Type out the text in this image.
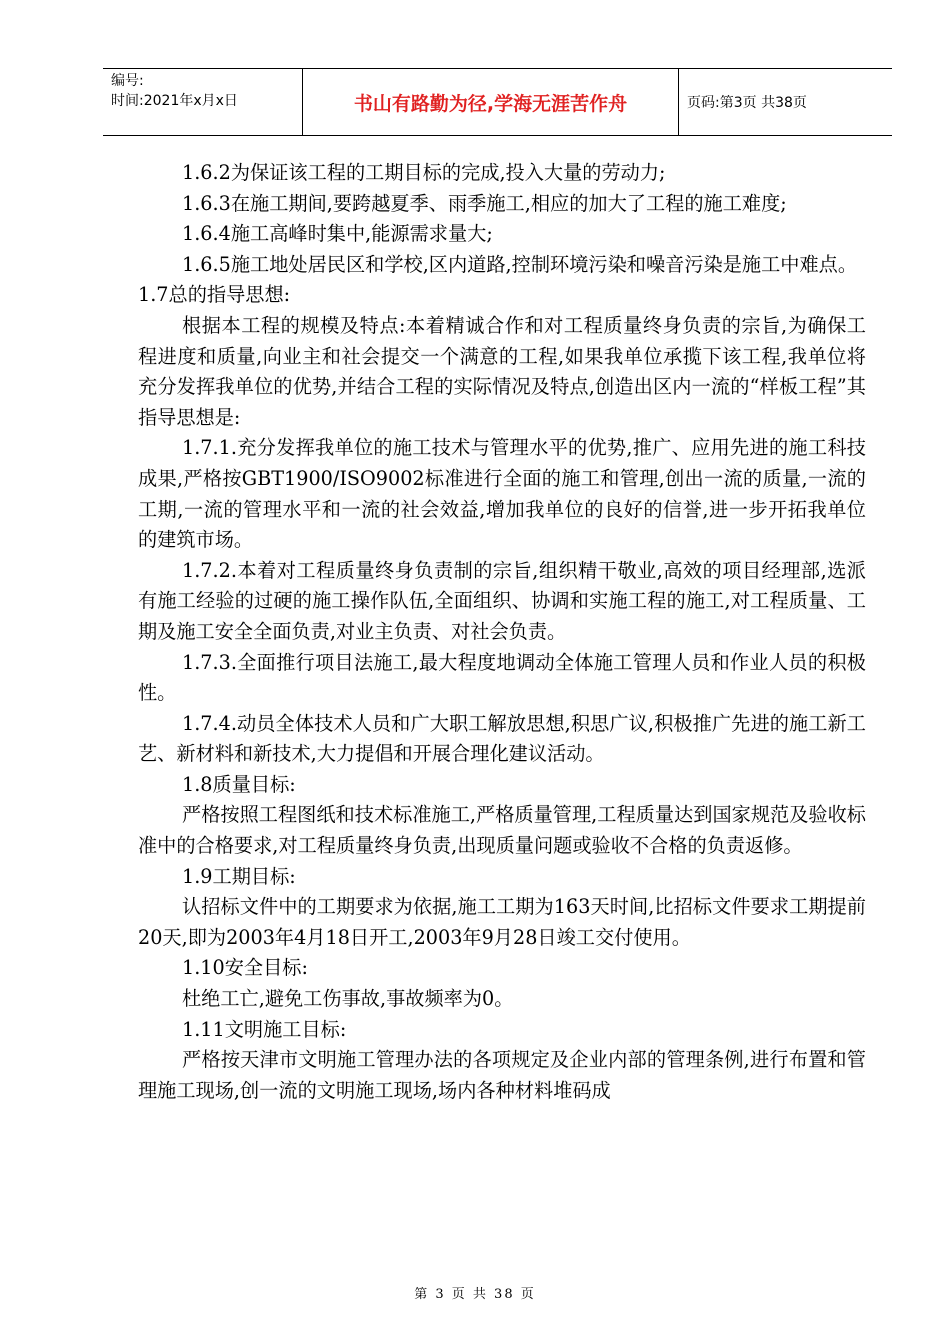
编号:
时间:2021年x月x日	书山有路勤为径,学海无涯苦作舟	页码:第3页 共38页

1.6.2为保证该工程的工期目标的完成,投入大量的劳动力;

1.6.3在施工期间,要跨越夏季、雨季施工,相应的加大了工程的施工难度;

1.6.4施工高峰时集中,能源需求量大;

1.6.5施工地处居民区和学校,区内道路,控制环境污染和噪音污染是施工中难点。

1.7总的指导思想:

根据本工程的规模及特点:本着精诚合作和对工程质量终身负责的宗旨,为确保工程进度和质量,向业主和社会提交一个满意的工程,如果我单位承揽下该工程,我单位将充分发挥我单位的优势,并结合工程的实际情况及特点,创造出区内一流的“样板工程”其指导思想是:

1.7.1.充分发挥我单位的施工技术与管理水平的优势,推广、应用先进的施工科技成果,严格按GBT1900/ISO9002标准进行全面的施工和管理,创出一流的质量,一流的工期,一流的管理水平和一流的社会效益,增加我单位的良好的信誉,进一步开拓我单位的建筑市场。

1.7.2.本着对工程质量终身负责制的宗旨,组织精干敬业,高效的项目经理部,选派有施工经验的过硬的施工操作队伍,全面组织、协调和实施工程的施工,对工程质量、工期及施工安全全面负责,对业主负责、对社会负责。

1.7.3.全面推行项目法施工,最大程度地调动全体施工管理人员和作业人员的积极性。

1.7.4.动员全体技术人员和广大职工解放思想,积思广议,积极推广先进的施工新工艺、新材料和新技术,大力提倡和开展合理化建议活动。

1.8质量目标:

严格按照工程图纸和技术标准施工,严格质量管理,工程质量达到国家规范及验收标准中的合格要求,对工程质量终身负责,出现质量问题或验收不合格的负责返修。

1.9工期目标:

认招标文件中的工期要求为依据,施工工期为163天时间,比招标文件要求工期提前20天,即为2003年4月18日开工,2003年9月28日竣工交付使用。

1.10安全目标:

杜绝工亡,避免工伤事故,事故频率为0。

1.11文明施工目标:

严格按天津市文明施工管理办法的各项规定及企业内部的管理条例,进行布置和管理施工现场,创一流的文明施工现场,场内各种材料堆码成

第 3 页 共 38 页
